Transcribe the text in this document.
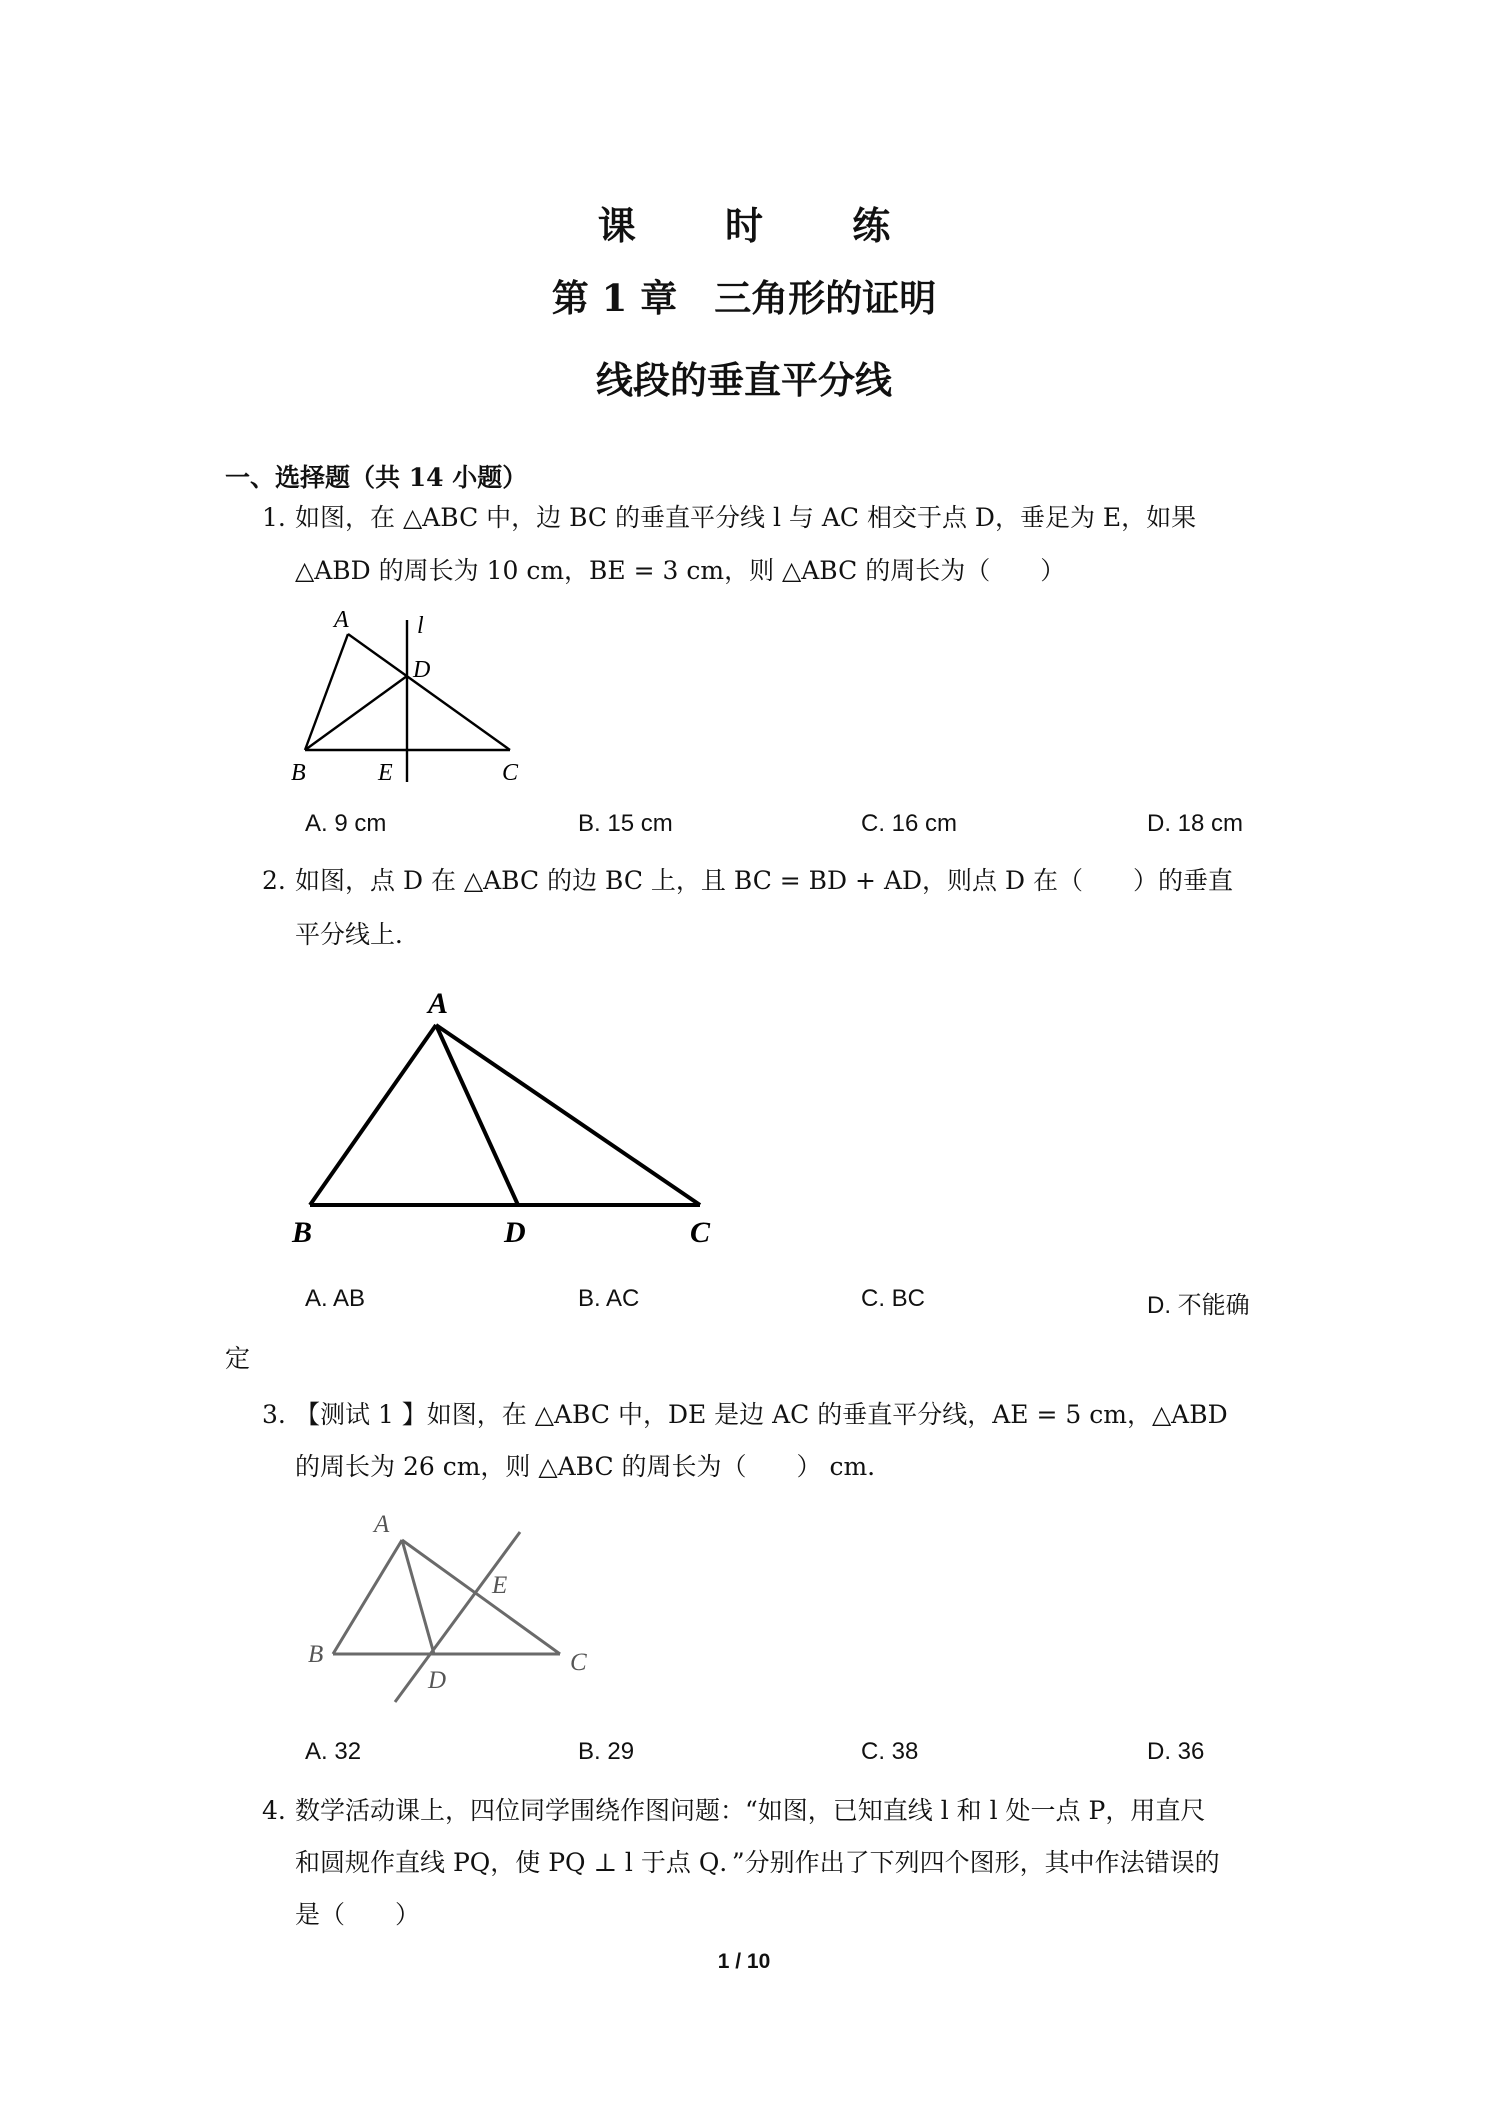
课 时 练
第 1 章　三角形的证明
线段的垂直平分线
一、选择题（共 14 小题）
1. 如图，在 △ABC 中，边 BC 的垂直平分线 l 与 AC 相交于点 D，垂足为 E，如果
△ABD 的周长为 10 cm，BE = 3 cm，则 △ABC 的周长为（　　）
A	l
D
B	E	C
A. 9 cm	B. 15 cm	C. 16 cm	D. 18 cm
2. 如图，点 D 在 △ABC 的边 BC 上，且 BC = BD + AD，则点 D 在（　　）的垂直
平分线上．
A
B	D	C
A. AB	B. AC	C. BC	D. 不能确
定
3. 【测试 1 】如图，在 △ABC 中，DE 是边 AC 的垂直平分线，AE = 5 cm，△ABD
的周长为 26 cm，则 △ABC 的周长为（　　） cm．
A
E
B
D
C
A. 32	B. 29	C. 38	D. 36
4. 数学活动课上，四位同学围绕作图问题：“如图，已知直线 l 和 l 处一点 P，用直尺
和圆规作直线 PQ，使 PQ ⊥ l 于点 Q．”分别作出了下列四个图形，其中作法错误的
是（　　）
1 / 10
